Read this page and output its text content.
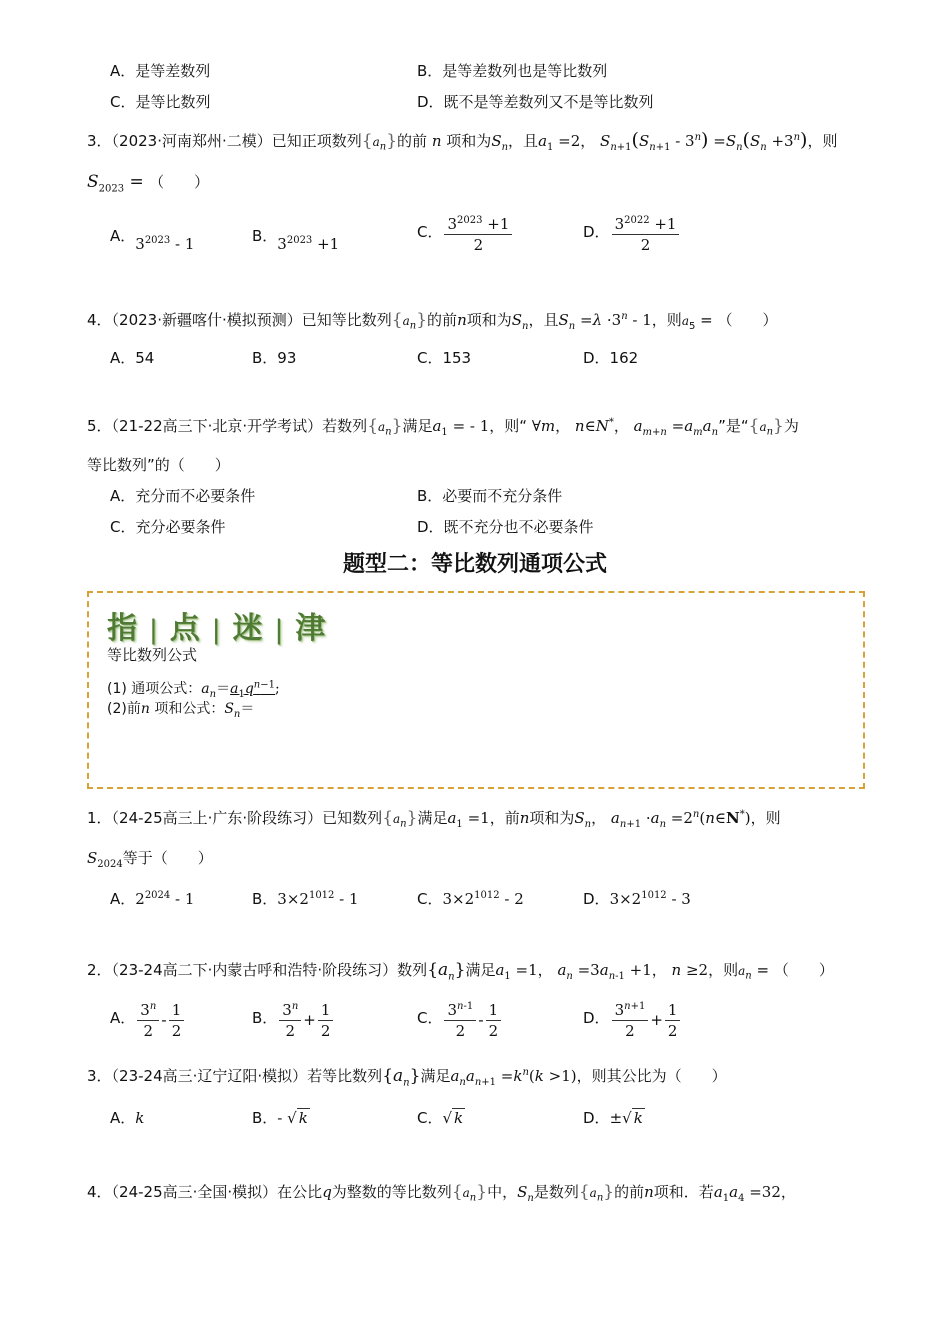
A．是等差数列	B．是等差数列也是等比数列
C．是等比数列	D．既不是等差数列又不是等比数列
3．（2023·河南郑州·二模）已知正项数列$\{a_n\}$的前 n 项和为$S_n$，且$a_1 =2$， $S_{n+1}(S_{n+1} - 3^n) =S_n(S_n +3^n)$，则
$S_{2023}$ = （　　）
A．$3^{2023} - 1$	B．$3^{2023} +1$
C． $\frac{3^{2023} +1}{2}$	D． $\frac{3^{2022} +1}{2}$
4．（2023·新疆喀什·模拟预测）已知等比数列$\{a_n\}$的前n项和为$S_n$，且$S_n =\lambda \cdot 3^n - 1$，则$a_5$ = （　　）
A．54	B．93	C．153	D．162
5．（21-22高三下·北京·开学考试）若数列$\{a_n\}$满足$a_1$ = - 1，则“ ∀m， n∈N*， $a_{m+n} =a_ma_n$”是“$\{a_n\}$为
等比数列”的（　　）
A．充分而不必要条件	B．必要而不充分条件
C．充分必要条件	D．既不充分也不必要条件
题型二：等比数列通项公式
指 | 点 | 迷 | 津
等比数列公式
(1) 通项公式：$a_n=a_1q^{n-1}$;
(2)前n 项和公式：$S_n=$
1．（24-25高三上·广东·阶段练习）已知数列$\{a_n\}$满足$a_1 =1$，前n项和为$S_n$， $a_{n+1} \cdot a_n$ $=2^n(n\in N^*)$，则
$S_{2024}$等于（　　）
A．$2^{2024} - 1$	B．$3\times 2^{1012} - 1$	C．$3\times 2^{1012} - 2$	D．$3\times 2^{1012} - 3$
2．（23-24高二下·内蒙古呼和浩特·阶段练习）数列$\{a_n\}$满足$a_1 =1$， $a_n =3a_{n-1} +1$， n ≥2，则$a_n$ = （　　）
A． $\frac{3^n}{2} - \frac{1}{2}$	B． $\frac{3^n}{2} + \frac{1}{2}$	C． $\frac{3^{n-1}}{2} - \frac{1}{2}$	D． $\frac{3^{n+1}}{2} + \frac{1}{2}$
3．（23-24高三·辽宁辽阳·模拟）若等比数列$\{a_n\}$满足$a_na_{n+1} =k^n(k >1)$，则其公比为（　　）
A．k	B．- √ k	C．√ k	D．±√ k
4．（24-25高三·全国·模拟）在公比q为整数的等比数列$\{a_n\}$中，$S_n$是数列$\{a_n\}$的前n项和．若$a_1a_4 =32$，
